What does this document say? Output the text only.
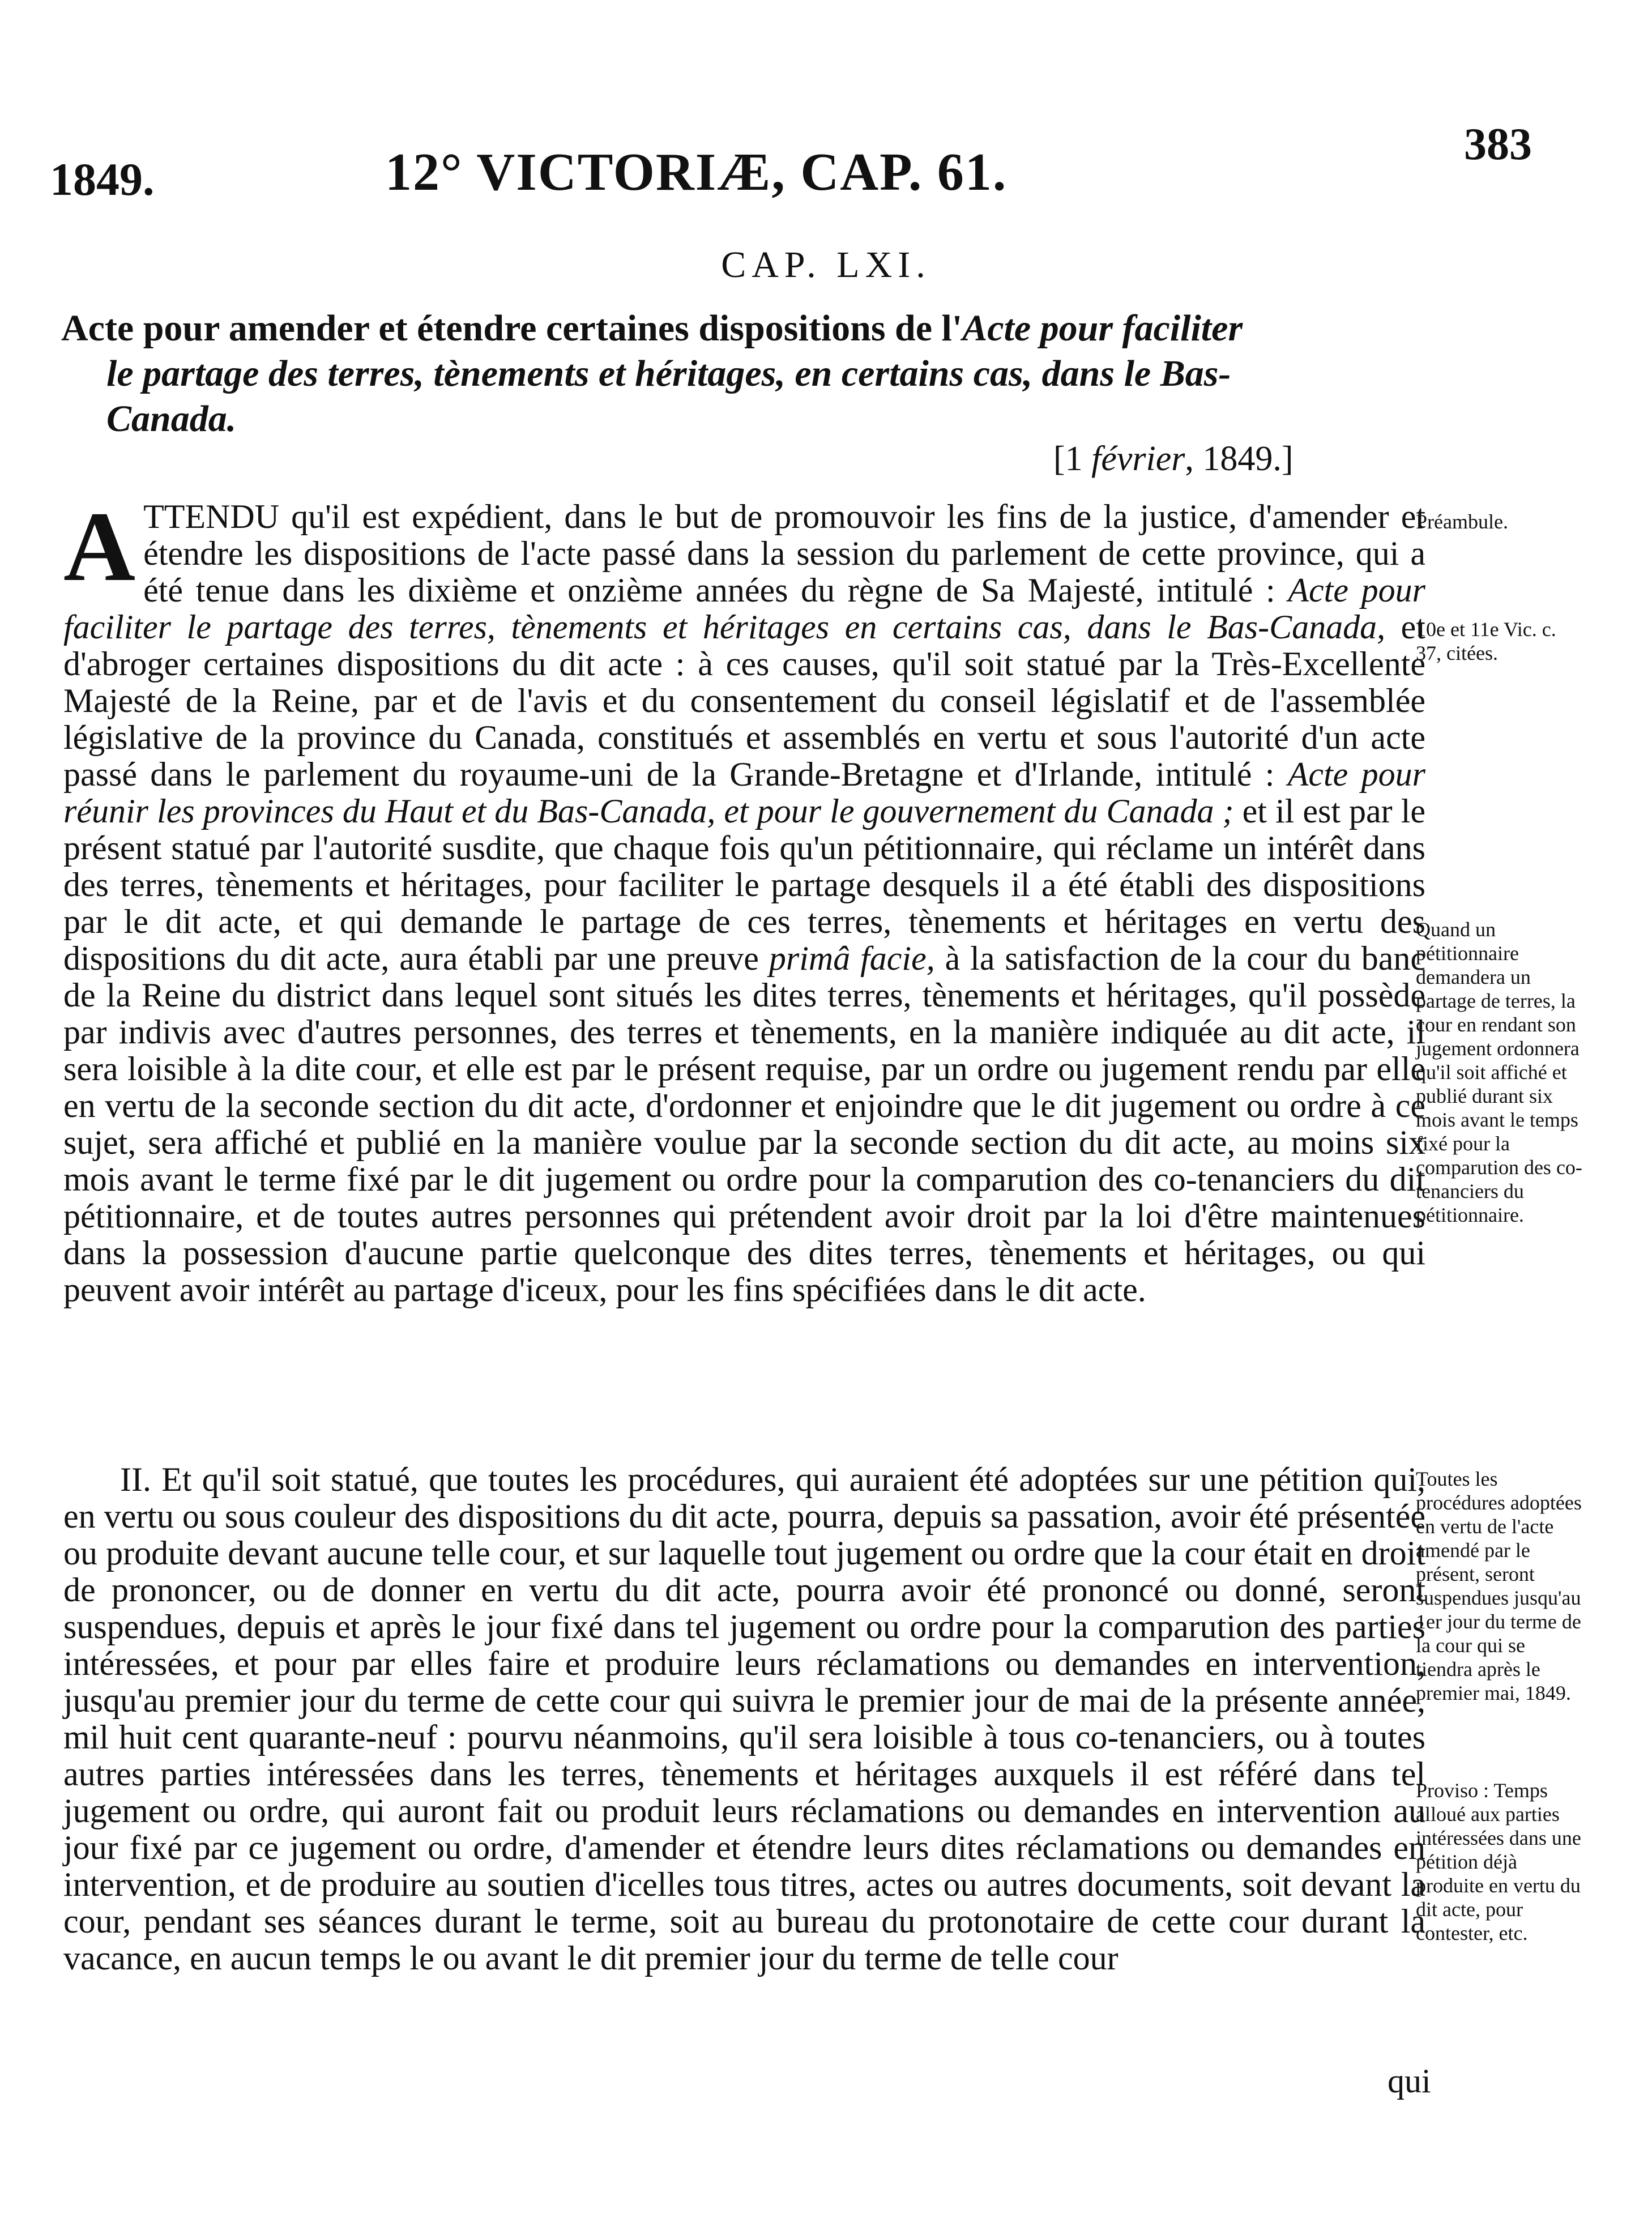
1849.	12° VICTORIÆ, CAP. 61.	383
CAP. LXI.
Acte pour amender et étendre certaines dispositions de l'Acte pour faciliter
le partage des terres, tènements et héritages, en certains cas, dans le Bas-
Canada.
[1 février, 1849.]
ATTENDU qu'il est expédient, dans le but de promouvoir les fins de la justice, d'amender et étendre les dispositions de l'acte passé dans la session du parlement de cette province, qui a été tenue dans les dixième et onzième années du règne de Sa Majesté, intitulé : Acte pour faciliter le partage des terres, tènements et héritages en certains cas, dans le Bas-Canada, et d'abroger certaines dispositions du dit acte : à ces causes, qu'il soit statué par la Très-Excellente Majesté de la Reine, par et de l'avis et du consentement du conseil législatif et de l'assemblée législative de la province du Canada, constitués et assemblés en vertu et sous l'autorité d'un acte passé dans le parlement du royaume-uni de la Grande-Bretagne et d'Irlande, intitulé : Acte pour réunir les provinces du Haut et du Bas-Canada, et pour le gouvernement du Canada ; et il est par le présent statué par l'autorité susdite, que chaque fois qu'un pétitionnaire, qui réclame un intérêt dans des terres, tènements et héritages, pour faciliter le partage desquels il a été établi des dispositions par le dit acte, et qui demande le partage de ces terres, tènements et héritages en vertu des dispositions du dit acte, aura établi par une preuve primâ facie, à la satisfaction de la cour du banc de la Reine du district dans lequel sont situés les dites terres, tènements et héritages, qu'il possède par indivis avec d'autres personnes, des terres et tènements, en la manière indiquée au dit acte, il sera loisible à la dite cour, et elle est par le présent requise, par un ordre ou jugement rendu par elle en vertu de la seconde section du dit acte, d'ordonner et enjoindre que le dit jugement ou ordre à ce sujet, sera affiché et publié en la manière voulue par la seconde section du dit acte, au moins six mois avant le terme fixé par le dit jugement ou ordre pour la comparution des co-tenanciers du dit pétitionnaire, et de toutes autres personnes qui prétendent avoir droit par la loi d'être maintenues dans la possession d'aucune partie quelconque des dites terres, tènements et héritages, ou qui peuvent avoir intérêt au partage d'iceux, pour les fins spécifiées dans le dit acte.
II. Et qu'il soit statué, que toutes les procédures, qui auraient été adoptées sur une pétition qui, en vertu ou sous couleur des dispositions du dit acte, pourra, depuis sa passation, avoir été présentée ou produite devant aucune telle cour, et sur laquelle tout jugement ou ordre que la cour était en droit de prononcer, ou de donner en vertu du dit acte, pourra avoir été prononcé ou donné, seront suspendues, depuis et après le jour fixé dans tel jugement ou ordre pour la comparution des parties intéressées, et pour par elles faire et produire leurs réclamations ou demandes en intervention, jusqu'au premier jour du terme de cette cour qui suivra le premier jour de mai de la présente année, mil huit cent quarante-neuf : pourvu néanmoins, qu'il sera loisible à tous co-tenanciers, ou à toutes autres parties intéressées dans les terres, tènements et héritages auxquels il est référé dans tel jugement ou ordre, qui auront fait ou produit leurs réclamations ou demandes en intervention au jour fixé par ce jugement ou ordre, d'amender et étendre leurs dites réclamations ou demandes en intervention, et de produire au soutien d'icelles tous titres, actes ou autres documents, soit devant la cour, pendant ses séances durant le terme, soit au bureau du protonotaire de cette cour durant la vacance, en aucun temps le ou avant le dit premier jour du terme de telle cour
Préambule.
10e et 11e Vic. c. 37, citées.
Quand un pétitionnaire demandera un partage de terres, la cour en rendant son jugement ordonnera qu'il soit affiché et publié durant six mois avant le temps fixé pour la comparution des co-tenanciers du pétitionnaire.
Toutes les procédures adoptées en vertu de l'acte amendé par le présent, seront suspendues jusqu'au 1er jour du terme de la cour qui se tiendra après le premier mai, 1849.
Proviso : Temps alloué aux parties intéressées dans une pétition déjà produite en vertu du dit acte, pour contester, etc.
qui
